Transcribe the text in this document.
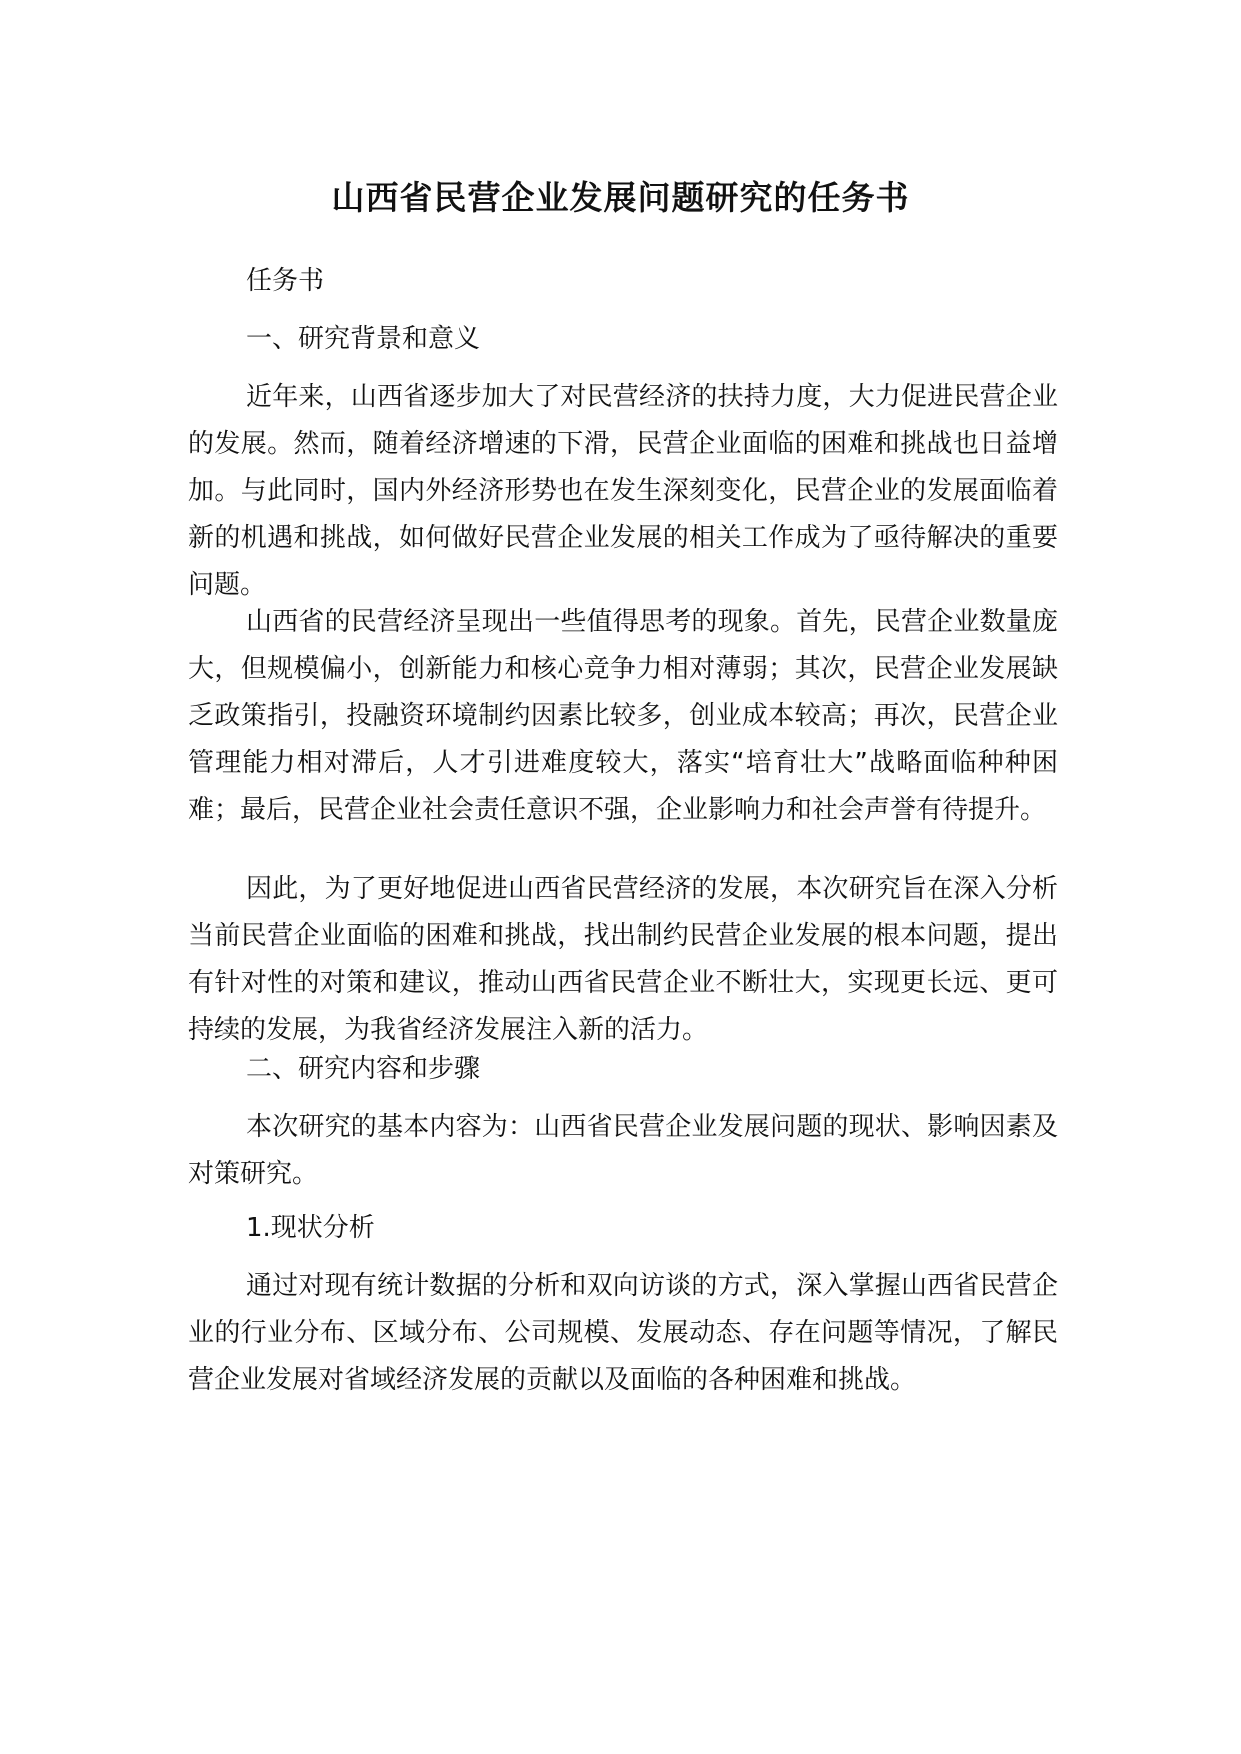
山西省民营企业发展问题研究的任务书
任务书
一、研究背景和意义
近年来，山西省逐步加大了对民营经济的扶持力度，大力促进民营企业的发展。然而，随着经济增速的下滑，民营企业面临的困难和挑战也日益增加。与此同时，国内外经济形势也在发生深刻变化，民营企业的发展面临着新的机遇和挑战，如何做好民营企业发展的相关工作成为了亟待解决的重要问题。
山西省的民营经济呈现出一些值得思考的现象。首先，民营企业数量庞大，但规模偏小，创新能力和核心竞争力相对薄弱；其次，民营企业发展缺乏政策指引，投融资环境制约因素比较多，创业成本较高；再次，民营企业管理能力相对滞后，人才引进难度较大，落实“培育壮大”战略面临种种困难；最后，民营企业社会责任意识不强，企业影响力和社会声誉有待提升。
因此，为了更好地促进山西省民营经济的发展，本次研究旨在深入分析当前民营企业面临的困难和挑战，找出制约民营企业发展的根本问题，提出有针对性的对策和建议，推动山西省民营企业不断壮大，实现更长远、更可持续的发展，为我省经济发展注入新的活力。
二、研究内容和步骤
本次研究的基本内容为：山西省民营企业发展问题的现状、影响因素及对策研究。
1.现状分析
通过对现有统计数据的分析和双向访谈的方式，深入掌握山西省民营企业的行业分布、区域分布、公司规模、发展动态、存在问题等情况，了解民营企业发展对省域经济发展的贡献以及面临的各种困难和挑战。
